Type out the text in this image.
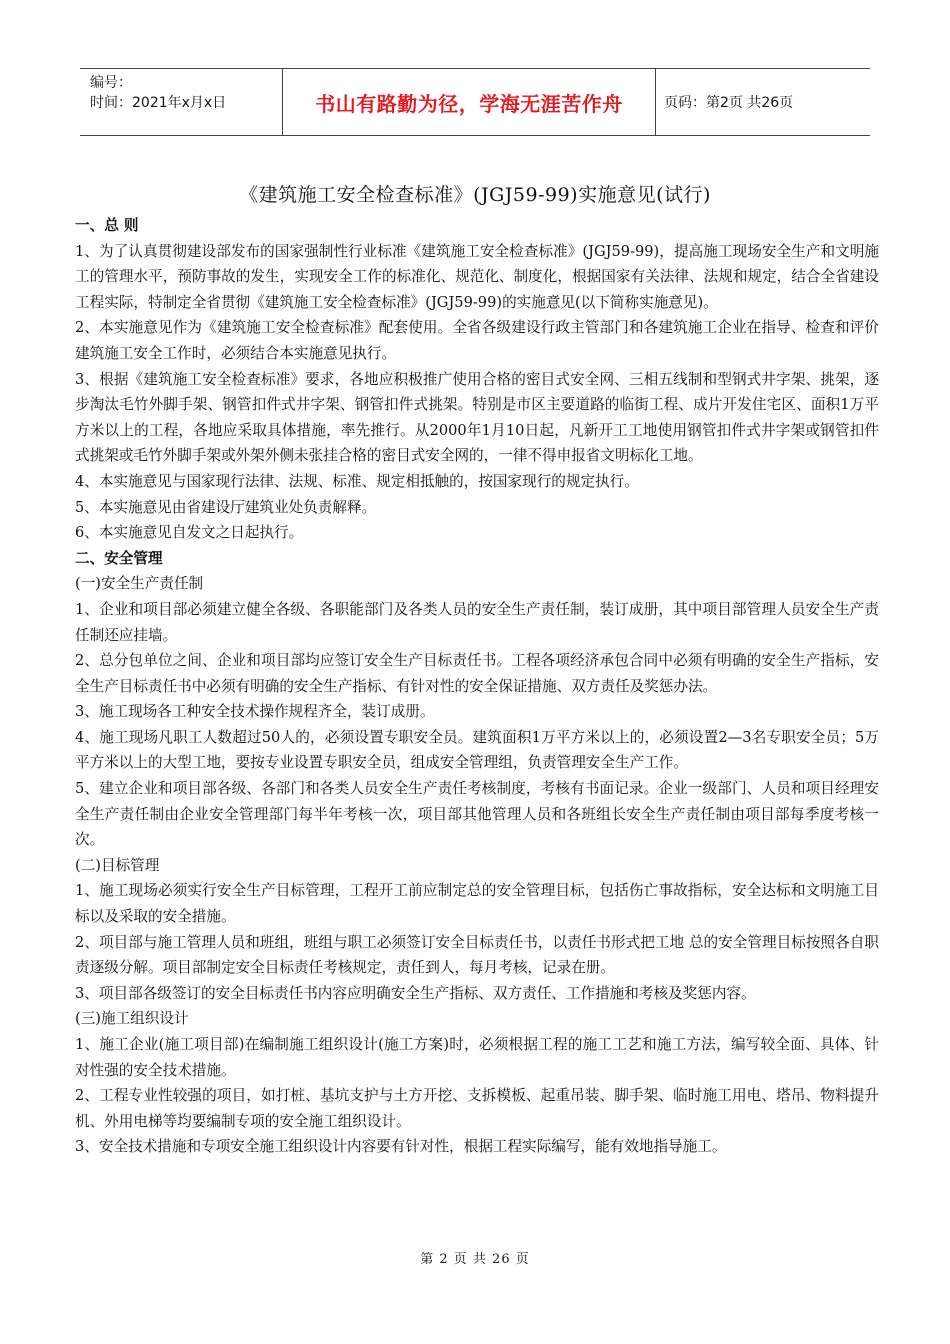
编号：
时间：2021年x月x日	书山有路勤为径，学海无涯苦作舟	页码：第2页 共26页
《建筑施工安全检查标准》(JGJ59-99)实施意见(试行)

一、总 则

1、为了认真贯彻建设部发布的国家强制性行业标准《建筑施工安全检查标准》(JGJ59-99)，提高施工现场安全生产和文明施工的管理水平，预防事故的发生，实现安全工作的标准化、规范化、制度化，根据国家有关法律、法规和规定，结合全省建设工程实际，特制定全省贯彻《建筑施工安全检查标准》(JGJ59-99)的实施意见(以下简称实施意见)。

2、本实施意见作为《建筑施工安全检查标准》配套使用。全省各级建设行政主管部门和各建筑施工企业在指导、检查和评价建筑施工安全工作时，必须结合本实施意见执行。

3、根据《建筑施工安全检查标准》要求，各地应积极推广使用合格的密目式安全网、三相五线制和型钢式井字架、挑架，逐步淘汰毛竹外脚手架、钢管扣件式井字架、钢管扣件式挑架。特别是市区主要道路的临街工程、成片开发住宅区、面积1万平方米以上的工程，各地应采取具体措施，率先推行。从2000年1月10日起，凡新开工工地使用钢管扣件式井字架或钢管扣件式挑架或毛竹外脚手架或外架外侧未张挂合格的密目式安全网的，一律不得申报省文明标化工地。

4、本实施意见与国家现行法律、法规、标准、规定相抵触的，按国家现行的规定执行。

5、本实施意见由省建设厅建筑业处负责解释。

6、本实施意见自发文之日起执行。

二、安全管理

(一)安全生产责任制

1、企业和项目部必须建立健全各级、各职能部门及各类人员的安全生产责任制，装订成册，其中项目部管理人员安全生产责任制还应挂墙。

2、总分包单位之间、企业和项目部均应签订安全生产目标责任书。工程各项经济承包合同中必须有明确的安全生产指标，安全生产目标责任书中必须有明确的安全生产指标、有针对性的安全保证措施、双方责任及奖惩办法。

3、施工现场各工种安全技术操作规程齐全，装订成册。

4、施工现场凡职工人数超过50人的，必须设置专职安全员。建筑面积1万平方米以上的，必须设置2—3名专职安全员；5万平方米以上的大型工地，要按专业设置专职安全员，组成安全管理组，负责管理安全生产工作。

5、建立企业和项目部各级、各部门和各类人员安全生产责任考核制度，考核有书面记录。企业一级部门、人员和项目经理安全生产责任制由企业安全管理部门每半年考核一次，项目部其他管理人员和各班组长安全生产责任制由项目部每季度考核一次。

(二)目标管理

1、施工现场必须实行安全生产目标管理，工程开工前应制定总的安全管理目标，包括伤亡事故指标，安全达标和文明施工目标以及采取的安全措施。

2、项目部与施工管理人员和班组，班组与职工必须签订安全目标责任书，以责任书形式把工地 总的安全管理目标按照各自职责逐级分解。项目部制定安全目标责任考核规定，责任到人，每月考核，记录在册。

3、项目部各级签订的安全目标责任书内容应明确安全生产指标、双方责任、工作措施和考核及奖惩内容。

(三)施工组织设计

1、施工企业(施工项目部)在编制施工组织设计(施工方案)时，必须根据工程的施工工艺和施工方法，编写较全面、具体、针对性强的安全技术措施。

2、工程专业性较强的项目，如打桩、基坑支护与土方开挖、支拆模板、起重吊装、脚手架、临时施工用电、塔吊、物料提升机、外用电梯等均要编制专项的安全施工组织设计。

3、安全技术措施和专项安全施工组织设计内容要有针对性，根据工程实际编写，能有效地指导施工。

第 2 页 共 26 页
